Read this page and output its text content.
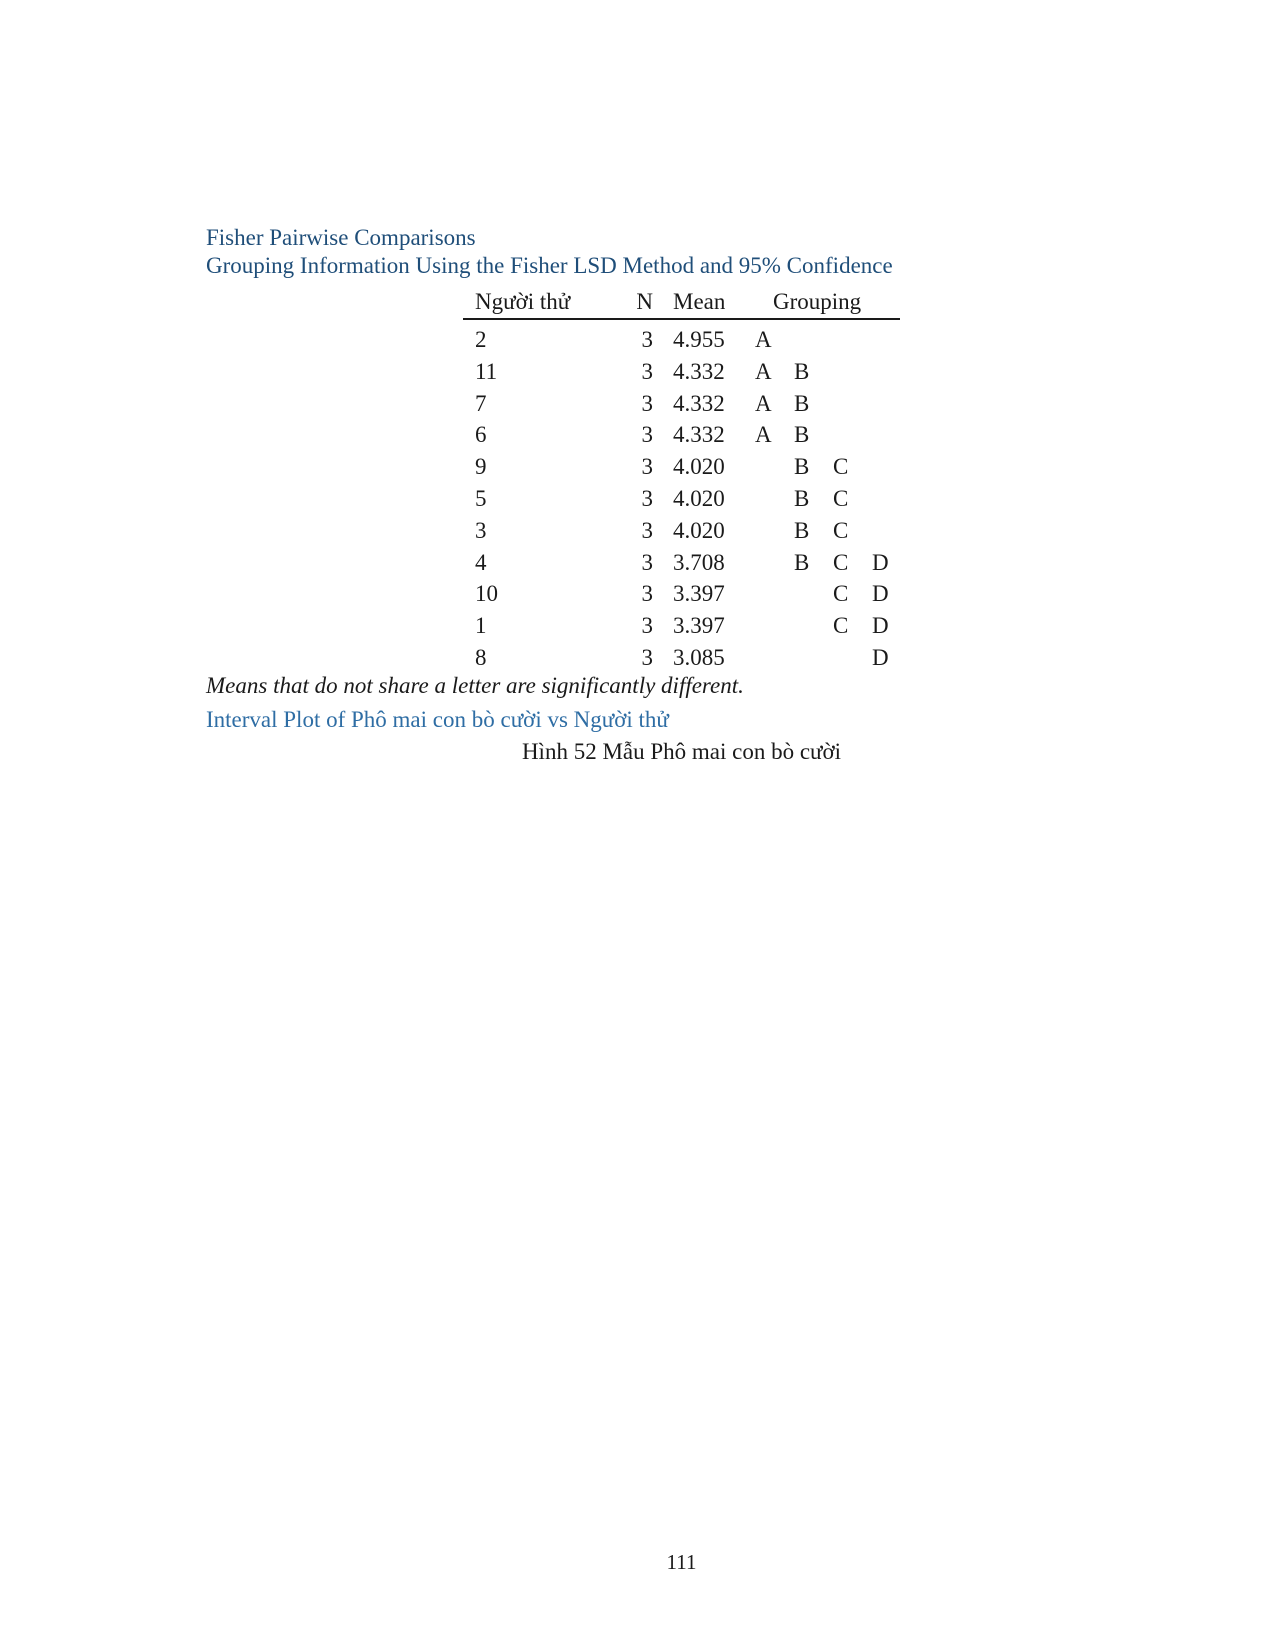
Fisher Pairwise Comparisons
Grouping Information Using the Fisher LSD Method and 95% Confidence
Người thử	N Mean Grouping
2	3 4.955 A
11	3 4.332 A B
7	3 4.332 A B
6	3 4.332 A B
9	3 4.020	B C
5	3 4.020	B C
3	3 4.020	B C
4	3 3.708	B C D
10	3 3.397	C D
1	3 3.397	C D
8	3 3.085	D
Means that do not share a letter are significantly different.
Interval Plot of Phô mai con bò cười vs Người thử
Hình 52 Mẫu Phô mai con bò cười
111
